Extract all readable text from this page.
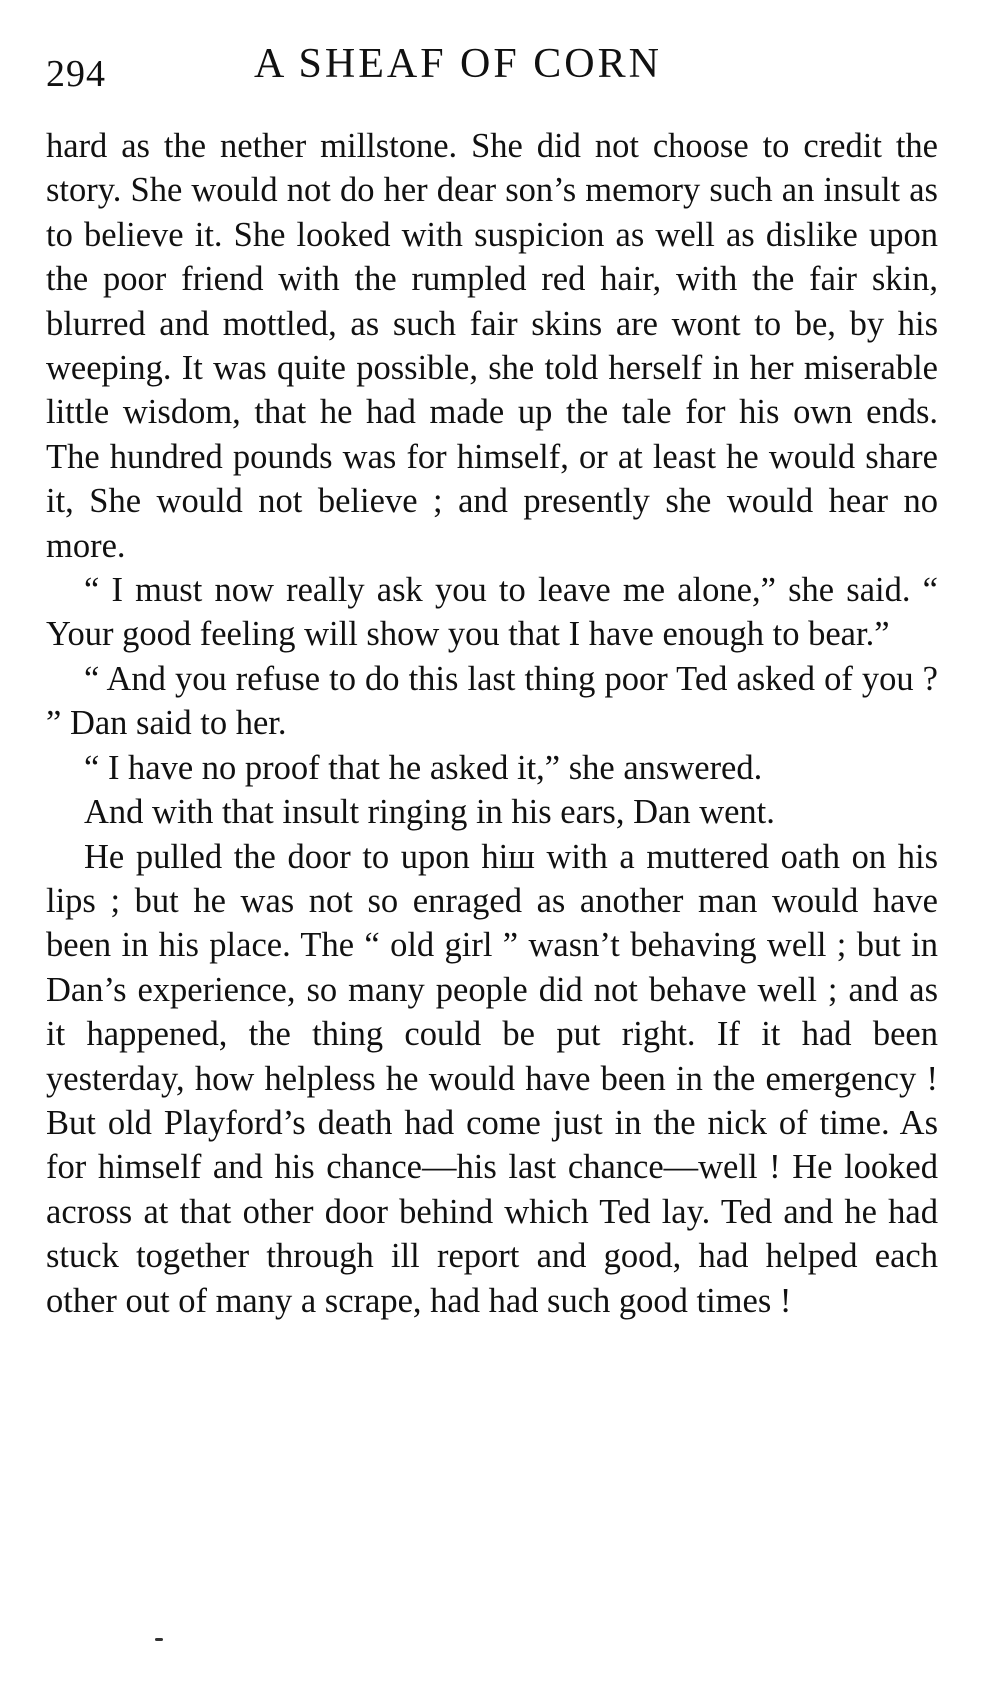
294	A SHEAF OF CORN

hard as the nether millstone. She did not choose to credit the story. She would not do her dear son’s memory such an insult as to believe it. She looked with suspicion as well as dislike upon the poor friend with the rumpled red hair, with the fair skin, blurred and mottled, as such fair skins are wont to be, by his weeping. It was quite possible, she told herself in her miserable little wisdom, that he had made up the tale for his own ends. The hundred pounds was for himself, or at least he would share it, She would not believe ; and presently she would hear no more.

“ I must now really ask you to leave me alone,” she said. “ Your good feeling will show you that I have enough to bear.”

“ And you refuse to do this last thing poor Ted asked of you ? ” Dan said to her.

“ I have no proof that he asked it,” she answered.

And with that insult ringing in his ears, Dan went.

He pulled the door to upon hiш with a muttered oath on his lips ; but he was not so enraged as another man would have been in his place. The “ old girl ” wasn’t behaving well ; but in Dan’s experience, so many people did not behave well ; and as it happened, the thing could be put right. If it had been yesterday, how helpless he would have been in the emergency ! But old Playford’s death had come just in the nick of time. As for himself and his chance—his last chance—well ! He looked across at that other door behind which Ted lay. Ted and he had stuck together through ill report and good, had helped each other out of many a scrape, had had such good times !
